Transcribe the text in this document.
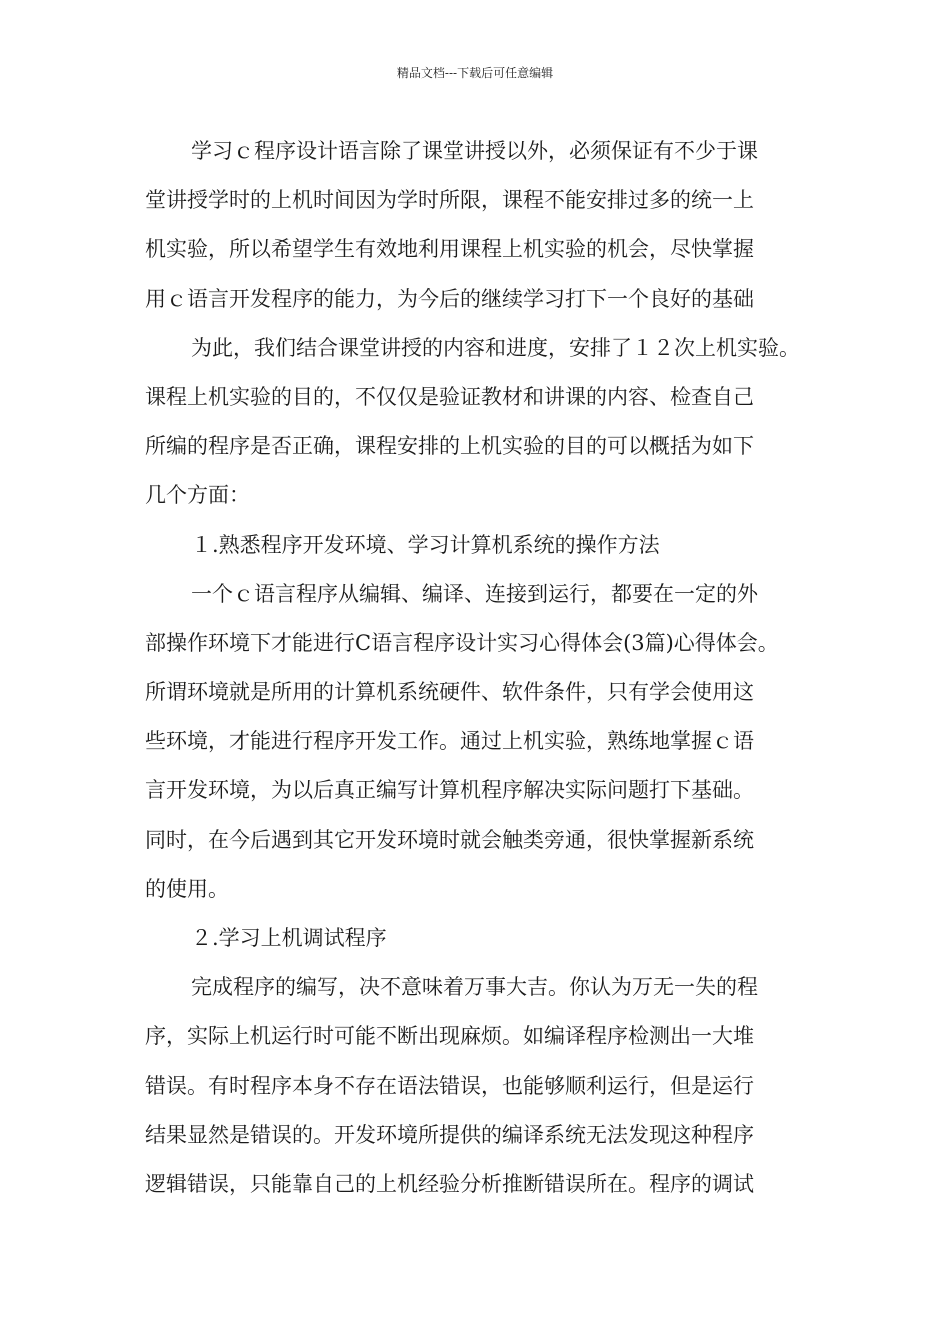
精品文档---下载后可任意编辑
学习ｃ程序设计语言除了课堂讲授以外，必须保证有不少于课
堂讲授学时的上机时间因为学时所限，课程不能安排过多的统一上
机实验，所以希望学生有效地利用课程上机实验的机会，尽快掌握
用ｃ语言开发程序的能力，为今后的继续学习打下一个良好的基础
为此，我们结合课堂讲授的内容和进度，安排了１２次上机实验。
课程上机实验的目的，不仅仅是验证教材和讲课的内容、检查自己
所编的程序是否正确，课程安排的上机实验的目的可以概括为如下
几个方面：
１.熟悉程序开发环境、学习计算机系统的操作方法
一个ｃ语言程序从编辑、编译、连接到运行，都要在一定的外
部操作环境下才能进行C语言程序设计实习心得体会(3篇)心得体会。
所谓环境就是所用的计算机系统硬件、软件条件，只有学会使用这
些环境，才能进行程序开发工作。通过上机实验，熟练地掌握ｃ语
言开发环境，为以后真正编写计算机程序解决实际问题打下基础。
同时，在今后遇到其它开发环境时就会触类旁通，很快掌握新系统
的使用。
２.学习上机调试程序
完成程序的编写，决不意味着万事大吉。你认为万无一失的程
序，实际上机运行时可能不断出现麻烦。如编译程序检测出一大堆
错误。有时程序本身不存在语法错误，也能够顺利运行，但是运行
结果显然是错误的。开发环境所提供的编译系统无法发现这种程序
逻辑错误，只能靠自己的上机经验分析推断错误所在。程序的调试
